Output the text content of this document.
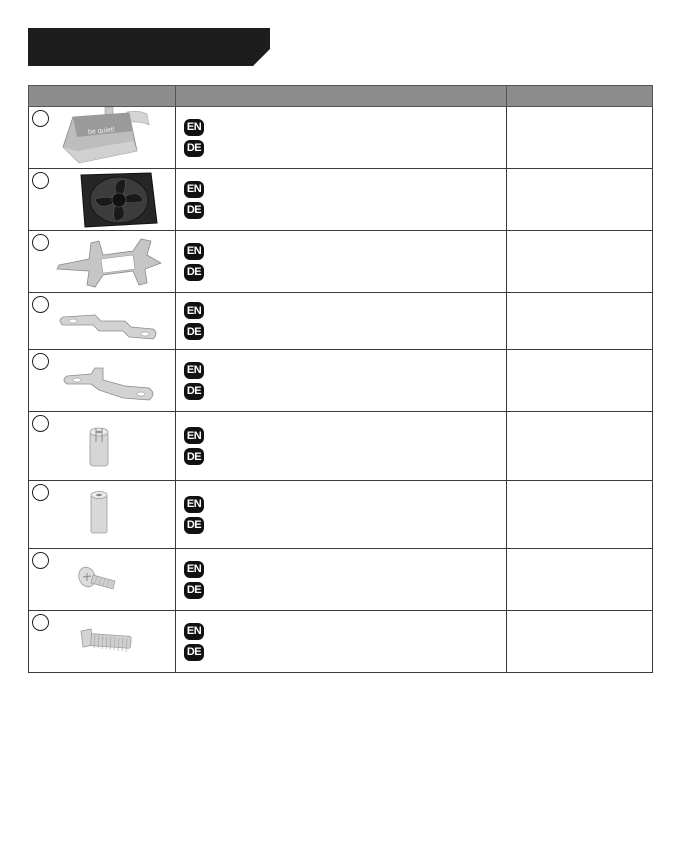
be quiet!	EN
DE	

EN
DE	

EN
DE	

EN
DE	

EN
DE	

EN
DE	

EN
DE	

EN
DE	

EN
DE	
